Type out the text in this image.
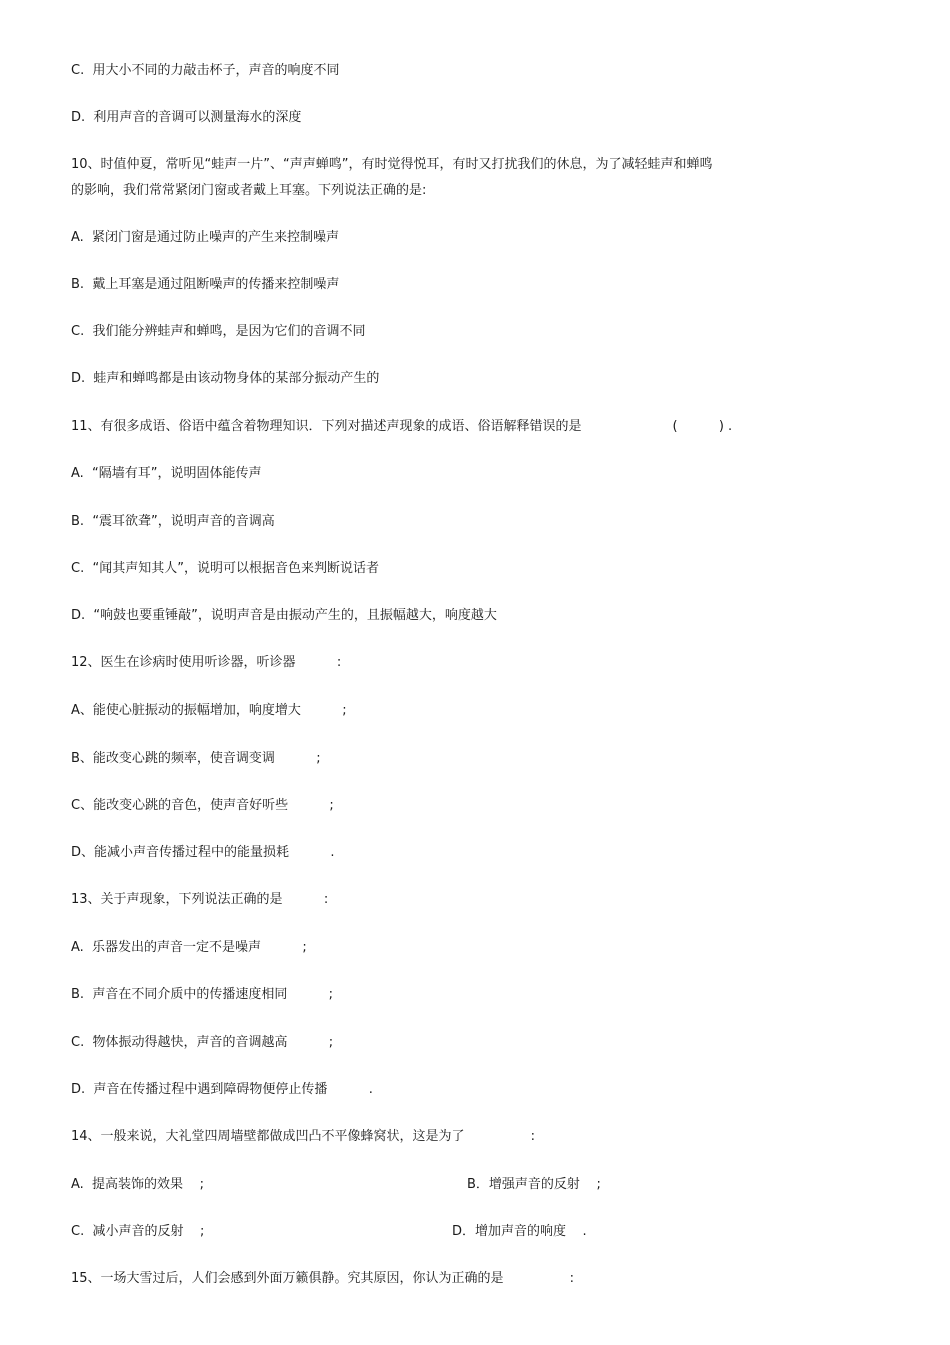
C.  用大小不同的力敲击杯子，声音的响度不同
D.  利用声音的音调可以测量海水的深度
10、时值仲夏，常听见“蛙声一片”、“声声蝉鸣”，有时觉得悦耳，有时又打扰我们的休息，为了减轻蛙声和蝉鸣
的影响，我们常常紧闭门窗或者戴上耳塞。下列说法正确的是:
A.  紧闭门窗是通过防止噪声的产生来控制噪声
B.  戴上耳塞是通过阻断噪声的传播来控制噪声
C.  我们能分辨蛙声和蝉鸣，是因为它们的音调不同
D.  蛙声和蝉鸣都是由该动物身体的某部分振动产生的
11、有很多成语、俗语中蕴含着物理知识．下列对描述声现象的成语、俗语解释错误的是                      (          ) .
A.  “隔墙有耳”，说明固体能传声
B.  “震耳欲聋”，说明声音的音调高
C.  “闻其声知其人”，说明可以根据音色来判断说话者
D.  “响鼓也要重锤敲”，说明声音是由振动产生的，且振幅越大，响度越大
12、医生在诊病时使用听诊器，听诊器          :
A、能使心脏振动的振幅增加，响度增大          ;
B、能改变心跳的频率，使音调变调          ;
C、能改变心跳的音色，使声音好听些          ;
D、能减小声音传播过程中的能量损耗          .
13、关于声现象，下列说法正确的是          :
A.  乐器发出的声音一定不是噪声          ;
B.  声音在不同介质中的传播速度相同          ;
C.  物体振动得越快，声音的音调越高          ;
D.  声音在传播过程中遇到障碍物便停止传播          .
14、一般来说，大礼堂四周墙壁都做成凹凸不平像蜂窝状，这是为了                :
A.  提高装饰的效果    ;	B．增强声音的反射    ;
C.  减小声音的反射    ;	D．增加声音的响度    .
15、一场大雪过后，人们会感到外面万籁俱静。究其原因，你认为正确的是                :
